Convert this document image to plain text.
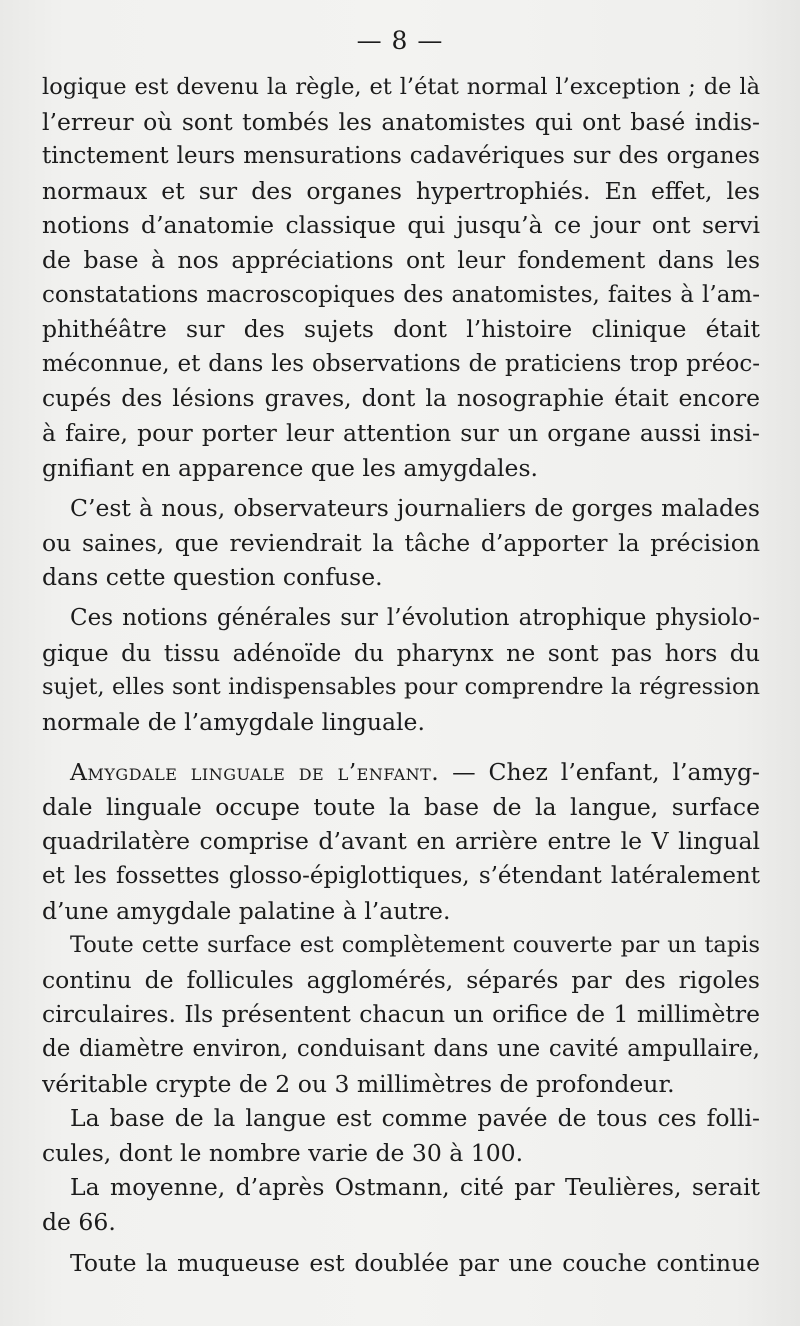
— 8 —
logique est devenu la règle, et l’état normal l’exception ; de là
l’erreur où sont tombés les anatomistes qui ont basé indis-
tinctement leurs mensurations cadavériques sur des organes
normaux et sur des organes hypertrophiés. En effet, les
notions d’anatomie classique qui jusqu’à ce jour ont servi
de base à nos appréciations ont leur fondement dans les
constatations macroscopiques des anatomistes, faites à l’am-
phithéâtre sur des sujets dont l’histoire clinique était
méconnue, et dans les observations de praticiens trop préoc-
cupés des lésions graves, dont la nosographie était encore
à faire, pour porter leur attention sur un organe aussi insi-
gnifiant en apparence que les amygdales.
C’est à nous, observateurs journaliers de gorges malades
ou saines, que reviendrait la tâche d’apporter la précision
dans cette question confuse.
Ces notions générales sur l’évolution atrophique physiolo-
gique du tissu adénoïde du pharynx ne sont pas hors du
sujet, elles sont indispensables pour comprendre la régression
normale de l’amygdale linguale.
Amygdale linguale de l’enfant. — Chez l’enfant, l’amyg-
dale linguale occupe toute la base de la langue, surface
quadrilatère comprise d’avant en arrière entre le V lingual
et les fossettes glosso-épiglottiques, s’étendant latéralement
d’une amygdale palatine à l’autre.
Toute cette surface est complètement couverte par un tapis
continu de follicules agglomérés, séparés par des rigoles
circulaires. Ils présentent chacun un orifice de 1 millimètre
de diamètre environ, conduisant dans une cavité ampullaire,
véritable crypte de 2 ou 3 millimètres de profondeur.
La base de la langue est comme pavée de tous ces folli-
cules, dont le nombre varie de 30 à 100.
La moyenne, d’après Ostmann, cité par Teulières, serait
de 66.
Toute la muqueuse est doublée par une couche continue
